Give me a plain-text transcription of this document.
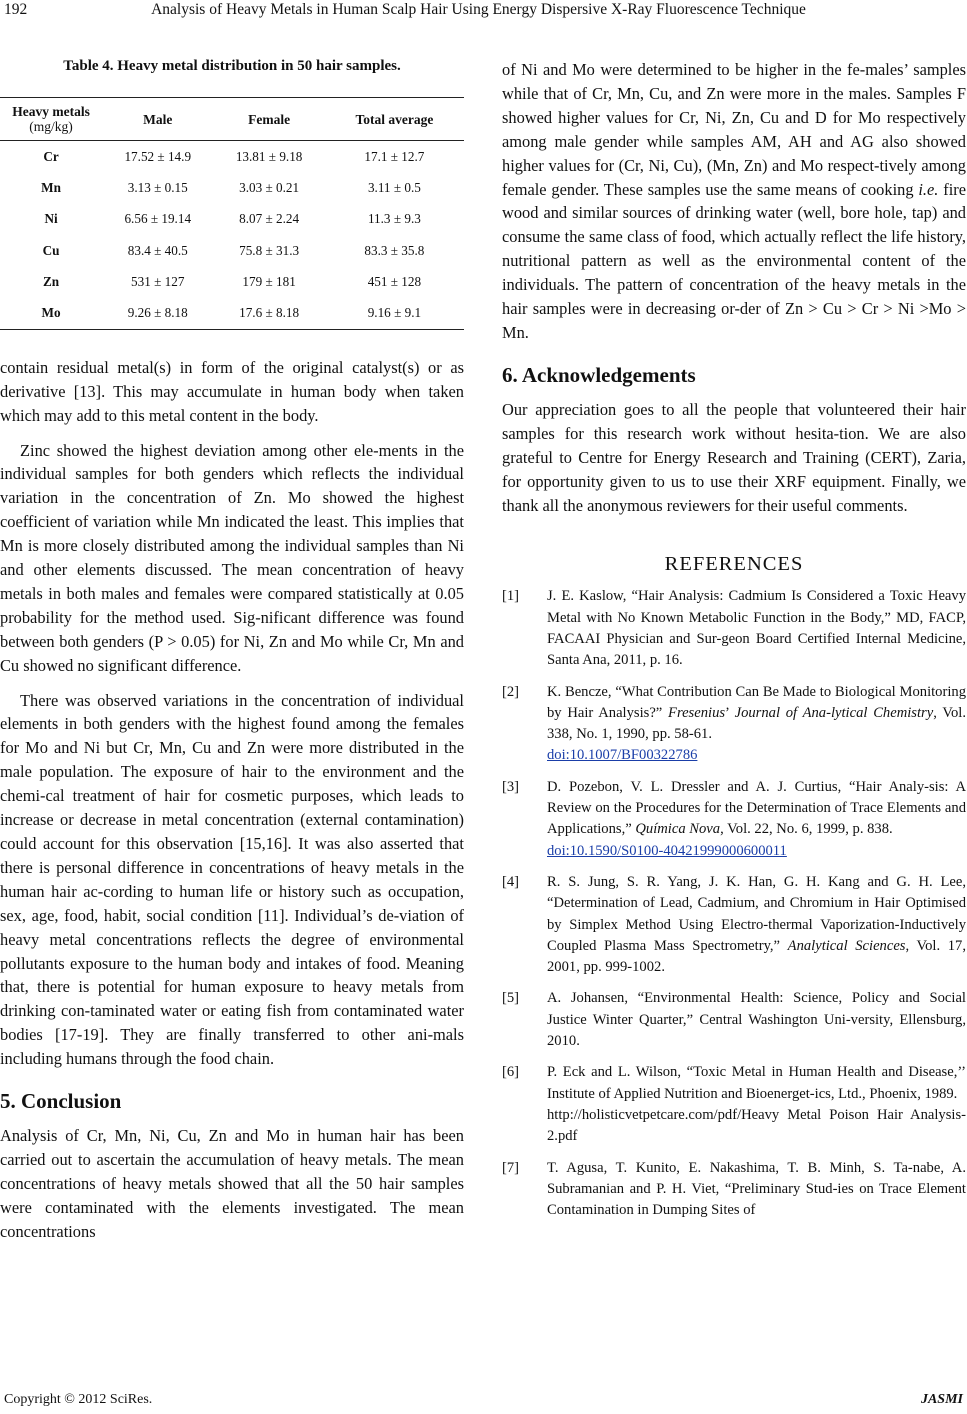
192	Analysis of Heavy Metals in Human Scalp Hair Using Energy Dispersive X-Ray Fluorescence Technique
Table 4. Heavy metal distribution in 50 hair samples.
Heavy metals
(mg/kg)	Male	Female	Total average
Cr	17.52 ± 14.9	13.81 ± 9.18	17.1 ± 12.7
Mn	3.13 ± 0.15	3.03 ± 0.21	3.11 ± 0.5
Ni	6.56 ± 19.14	8.07 ± 2.24	11.3 ± 9.3
Cu	83.4 ± 40.5	75.8 ± 31.3	83.3 ± 35.8
Zn	531 ± 127	179 ± 181	451 ± 128
Mo	9.26 ± 8.18	17.6 ± 8.18	9.16 ± 9.1

contain residual metal(s) in form of the original catalyst(s) or as derivative [13]. This may accumulate in human body when taken which may add to this metal content in the body.

Zinc showed the highest deviation among other ele-ments in the individual samples for both genders which reflects the individual variation in the concentration of Zn. Mo showed the highest coefficient of variation while Mn indicated the least. This implies that Mn is more closely distributed among the individual samples than Ni and other elements discussed. The mean concentration of heavy metals in both males and females were compared statistically at 0.05 probability for the method used. Sig-nificant difference was found between both genders (P > 0.05) for Ni, Zn and Mo while Cr, Mn and Cu showed no significant difference.

There was observed variations in the concentration of individual elements in both genders with the highest found among the females for Mo and Ni but Cr, Mn, Cu and Zn were more distributed in the male population. The exposure of hair to the environment and the chemi-cal treatment of hair for cosmetic purposes, which leads to increase or decrease in metal concentration (external contamination) could account for this observation [15,16]. It was also asserted that there is personal difference in concentrations of heavy metals in the human hair ac-cording to human life or history such as occupation, sex, age, food, habit, social condition [11]. Individual’s de-viation of heavy metal concentrations reflects the degree of environmental pollutants exposure to the human body and intakes of food. Meaning that, there is potential for human exposure to heavy metals from drinking con-taminated water or eating fish from contaminated water bodies [17-19]. They are finally transferred to other ani-mals including humans through the food chain.

5. Conclusion

Analysis of Cr, Mn, Ni, Cu, Zn and Mo in human hair has been carried out to ascertain the accumulation of heavy metals. The mean concentrations of heavy metals showed that all the 50 hair samples were contaminated with the elements investigated. The mean concentrations

of Ni and Mo were determined to be higher in the fe-males’ samples while that of Cr, Mn, Cu, and Zn were more in the males. Samples F showed higher values for Cr, Ni, Zn, Cu and D for Mo respectively among male gender while samples AM, AH and AG also showed higher values for (Cr, Ni, Cu), (Mn, Zn) and Mo respect-tively among female gender. These samples use the same means of cooking i.e. fire wood and similar sources of drinking water (well, bore hole, tap) and consume the same class of food, which actually reflect the life history, nutritional pattern as well as the environmental content of the individuals. The pattern of concentration of the heavy metals in the hair samples were in decreasing or-der of Zn > Cu > Cr > Ni >Mo > Mn.

6. Acknowledgements

Our appreciation goes to all the people that volunteered their hair samples for this research work without hesita-tion. We are also grateful to Centre for Energy Research and Training (CERT), Zaria, for opportunity given to us to use their XRF equipment. Finally, we thank all the anonymous reviewers for their useful comments.

REFERENCES
[1] J. E. Kaslow, “Hair Analysis: Cadmium Is Considered a Toxic Heavy Metal with No Known Metabolic Function in the Body,” MD, FACP, FACAAI Physician and Sur-geon Board Certified Internal Medicine, Santa Ana, 2011, p. 16.
[2] K. Bencze, “What Contribution Can Be Made to Biological Monitoring by Hair Analysis?” Fresenius’ Journal of Ana-lytical Chemistry, Vol. 338, No. 1, 1990, pp. 58-61.
doi:10.1007/BF00322786
[3] D. Pozebon, V. L. Dressler and A. J. Curtius, “Hair Analy-sis: A Review on the Procedures for the Determination of Trace Elements and Applications,” Química Nova, Vol. 22, No. 6, 1999, p. 838.
doi:10.1590/S0100-40421999000600011
[4] R. S. Jung, S. R. Yang, J. K. Han, G. H. Kang and G. H. Lee, “Determination of Lead, Cadmium, and Chromium in Hair Optimised by Simplex Method Using Electro-thermal Vaporization-Inductively Coupled Plasma Mass Spectrometry,” Analytical Sciences, Vol. 17, 2001, pp. 999-1002.
[5] A. Johansen, “Environmental Health: Science, Policy and Social Justice Winter Quarter,” Central Washington Uni-versity, Ellensburg, 2010.
[6] P. Eck and L. Wilson, “Toxic Metal in Human Health and Disease,’’ Institute of Applied Nutrition and Bioenerget-ics, Ltd., Phoenix, 1989.
http://holisticvetpetcare.com/pdf/Heavy Metal Poison Hair Analysis-2.pdf
[7] T. Agusa, T. Kunito, E. Nakashima, T. B. Minh, S. Ta-nabe, A. Subramanian and P. H. Viet, “Preliminary Stud-ies on Trace Element Contamination in Dumping Sites of
Copyright © 2012 SciRes.	JASMI
